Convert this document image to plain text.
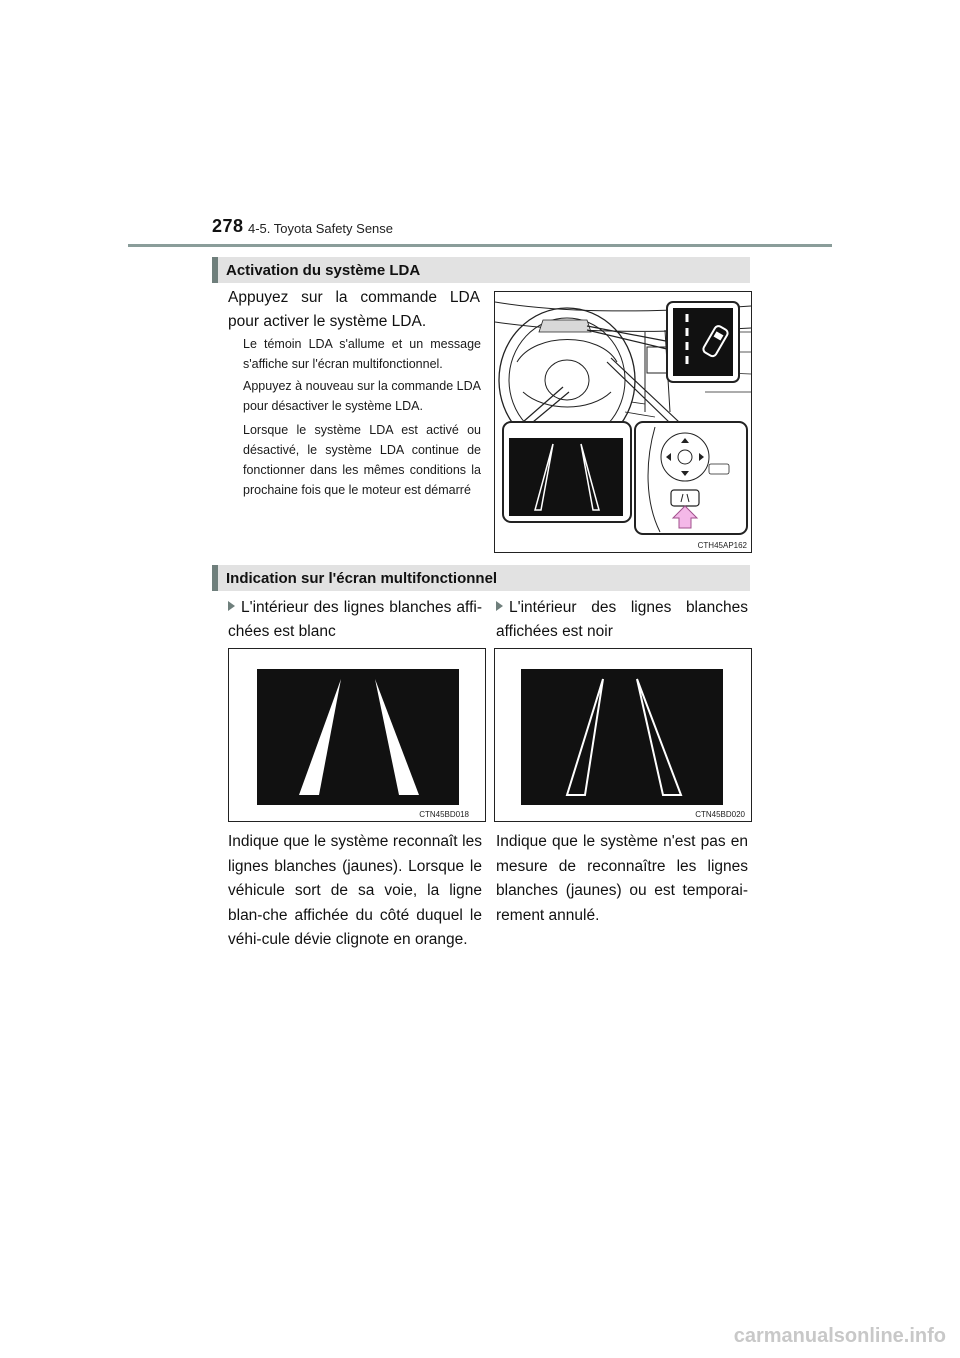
278 4-5. Toyota Safety Sense
Activation du système LDA
Appuyez sur la commande LDA pour activer le système LDA.
Le témoin LDA s'allume et un message s'affiche sur l'écran multifonctionnel.
Appuyez à nouveau sur la commande LDA pour désactiver le système LDA.
Lorsque le système LDA est activé ou désactivé, le système LDA continue de fonctionner dans les mêmes conditions la prochaine fois que le moteur est démarré
CTH45AP162
Indication sur l'écran multifonctionnel
L'intérieur des lignes blanches affi-chées est blanc
L'intérieur des lignes blanches affichées est noir
CTN45BD018	CTN45BD020
Indique que le système reconnaît les lignes blanches (jaunes). Lorsque le véhicule sort de sa voie, la ligne blan-che affichée du côté duquel le véhi-cule dévie clignote en orange.
Indique que le système n'est pas en mesure de reconnaître les lignes blanches (jaunes) ou est temporai-rement annulé.
carmanualsonline.info
